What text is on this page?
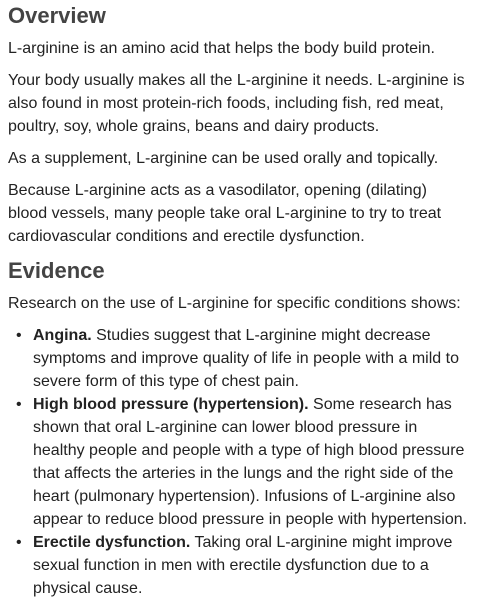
Overview

L-arginine is an amino acid that helps the body build protein.

Your body usually makes all the L-arginine it needs. L-arginine is also found in most protein-rich foods, including fish, red meat, poultry, soy, whole grains, beans and dairy products.

As a supplement, L-arginine can be used orally and topically.

Because L-arginine acts as a vasodilator, opening (dilating) blood vessels, many people take oral L-arginine to try to treat cardiovascular conditions and erectile dysfunction.

Evidence

Research on the use of L-arginine for specific conditions shows:

• Angina. Studies suggest that L-arginine might decrease symptoms and improve quality of life in people with a mild to severe form of this type of chest pain.
• High blood pressure (hypertension). Some research has shown that oral L-arginine can lower blood pressure in healthy people and people with a type of high blood pressure that affects the arteries in the lungs and the right side of the heart (pulmonary hypertension). Infusions of L-arginine also appear to reduce blood pressure in people with hypertension.
• Erectile dysfunction. Taking oral L-arginine might improve sexual function in men with erectile dysfunction due to a physical cause.
